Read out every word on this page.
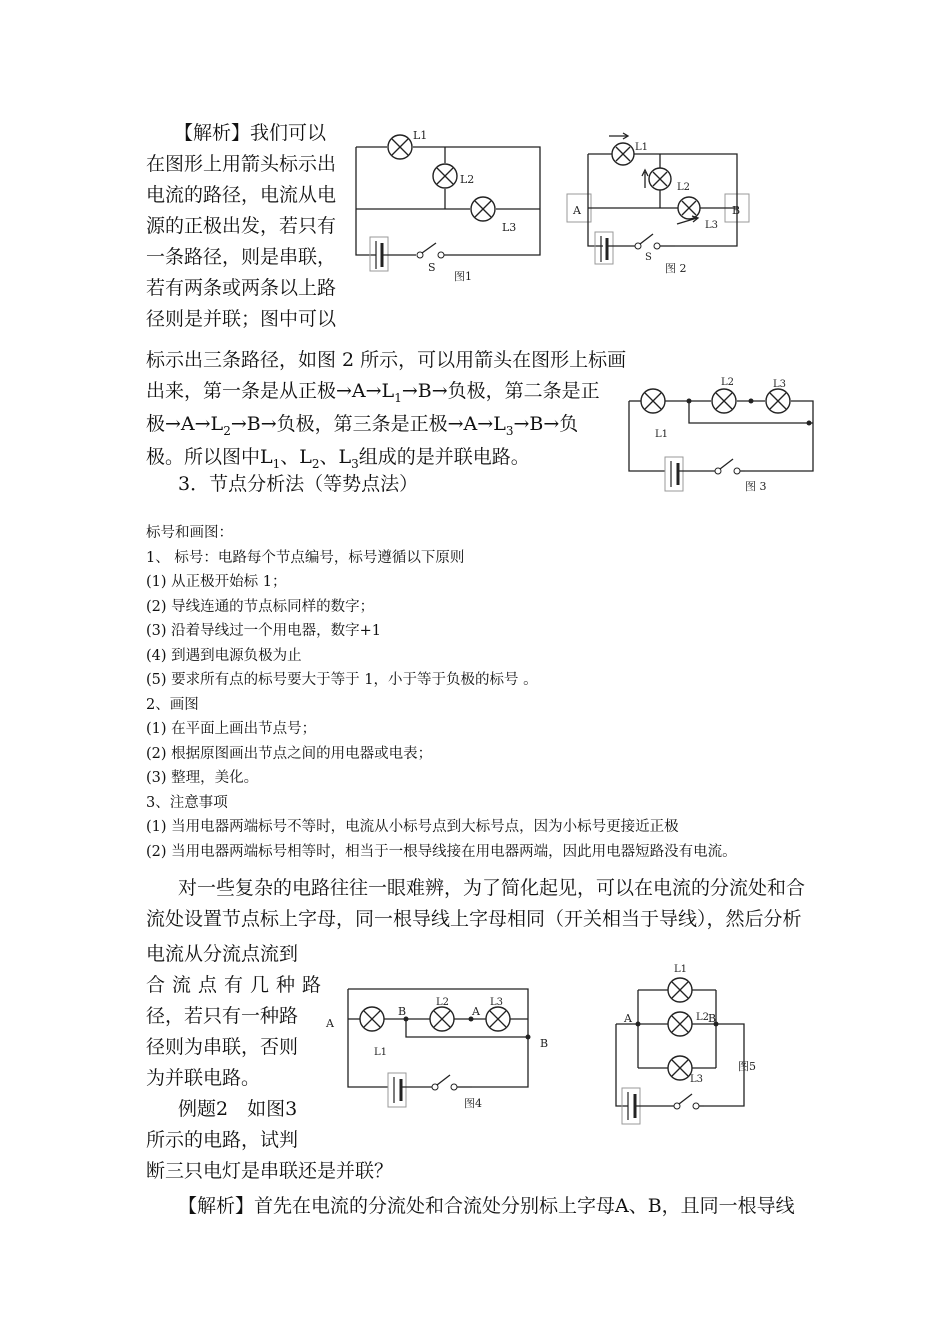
【解析】我们可以
在图形上用箭头标示出
电流的路径，电流从电
源的正极出发，若只有
一条路径，则是串联，
若有两条或两条以上路
径则是并联；图中可以
标示出三条路径，如图 2 所示，可以用箭头在图形上标画
出来，第一条是从正极$\to A\to L_1\to B\to$负极，第二条是正
极$\to A\to L_2\to B\to$负极，第三条是正极$\to A\to L_3\to B\to$负
极。所以图中$L_1$、$L_2$、$L_3$组成的是并联电路。
3．节点分析法（等势点法）
标号和画图：
1、 标号：电路每个节点编号，标号遵循以下原则
(1) 从正极开始标 1；
(2) 导线连通的节点标同样的数字；
(3) 沿着导线过一个用电器，数字+1
(4) 到遇到电源负极为止
(5) 要求所有点的标号要大于等于 1，小于等于负极的标号 。
2、画图
(1) 在平面上画出节点号；
(2) 根据原图画出节点之间的用电器或电表；
(3) 整理，美化。
3、注意事项
(1) 当用电器两端标号不等时，电流从小标号点到大标号点，因为小标号更接近正极
(2) 当用电器两端标号相等时，相当于一根导线接在用电器两端，因此用电器短路没有电流。
对一些复杂的电路往往一眼难辨，为了简化起见，可以在电流的分流处和合
流处设置节点标上字母，同一根导线上字母相同（开关相当于导线），然后分析
电流从分流点流到
合流点有几种路
径，若只有一种路
径则为串联，否则
为并联电路。
例题2　如图3
所示的电路，试判
断三只电灯是串联还是并联？
【解析】首先在电流的分流处和合流处分别标上字母A、B，且同一根导线
L1
L2
L3
S
图1
A	B
L1
L2
L3
S
图 2
L2	L3
L1
图 3
A
B	A
B
L2	L3
L1
图4
A	B
L1
L2
L3
图5
